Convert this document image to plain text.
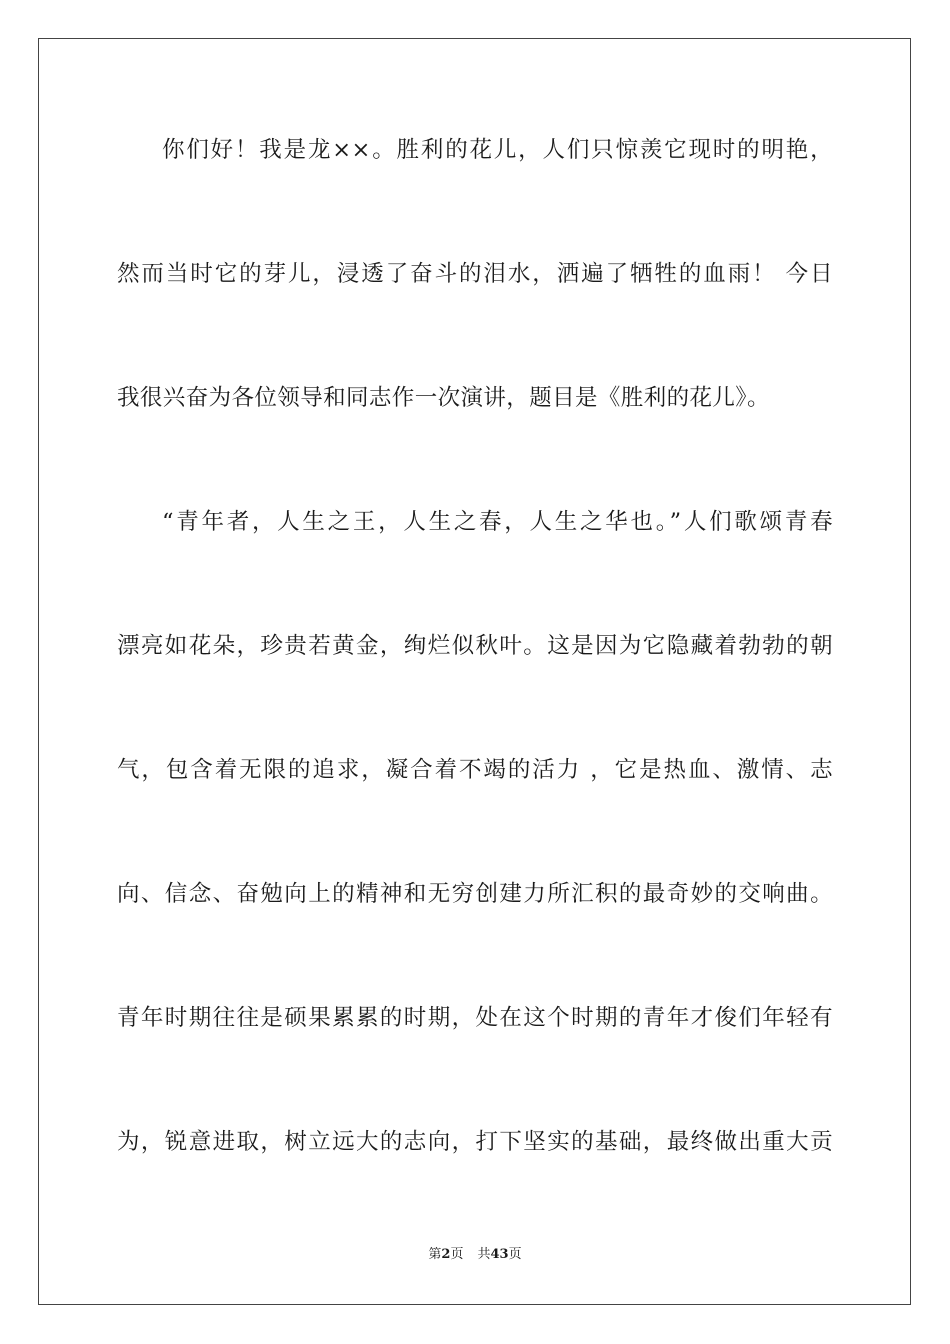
你们好！我是龙××。胜利的花儿，人们只惊羡它现时的明艳，
然而当时它的芽儿，浸透了奋斗的泪水，洒遍了牺牲的血雨！ 今日
我很兴奋为各位领导和同志作一次演讲，题目是《胜利的花儿》。
“青年者，人生之王，人生之春，人生之华也。”人们歌颂青春
漂亮如花朵，珍贵若黄金，绚烂似秋叶。这是因为它隐藏着勃勃的朝
气，包含着无限的追求，凝合着不竭的活力 ，它是热血、激情、志
向、信念、奋勉向上的精神和无穷创建力所汇积的最奇妙的交响曲。
青年时期往往是硕果累累的时期，处在这个时期的青年才俊们年轻有
为，锐意进取，树立远大的志向，打下坚实的基础，最终做出重大贡
第2页 共43页
